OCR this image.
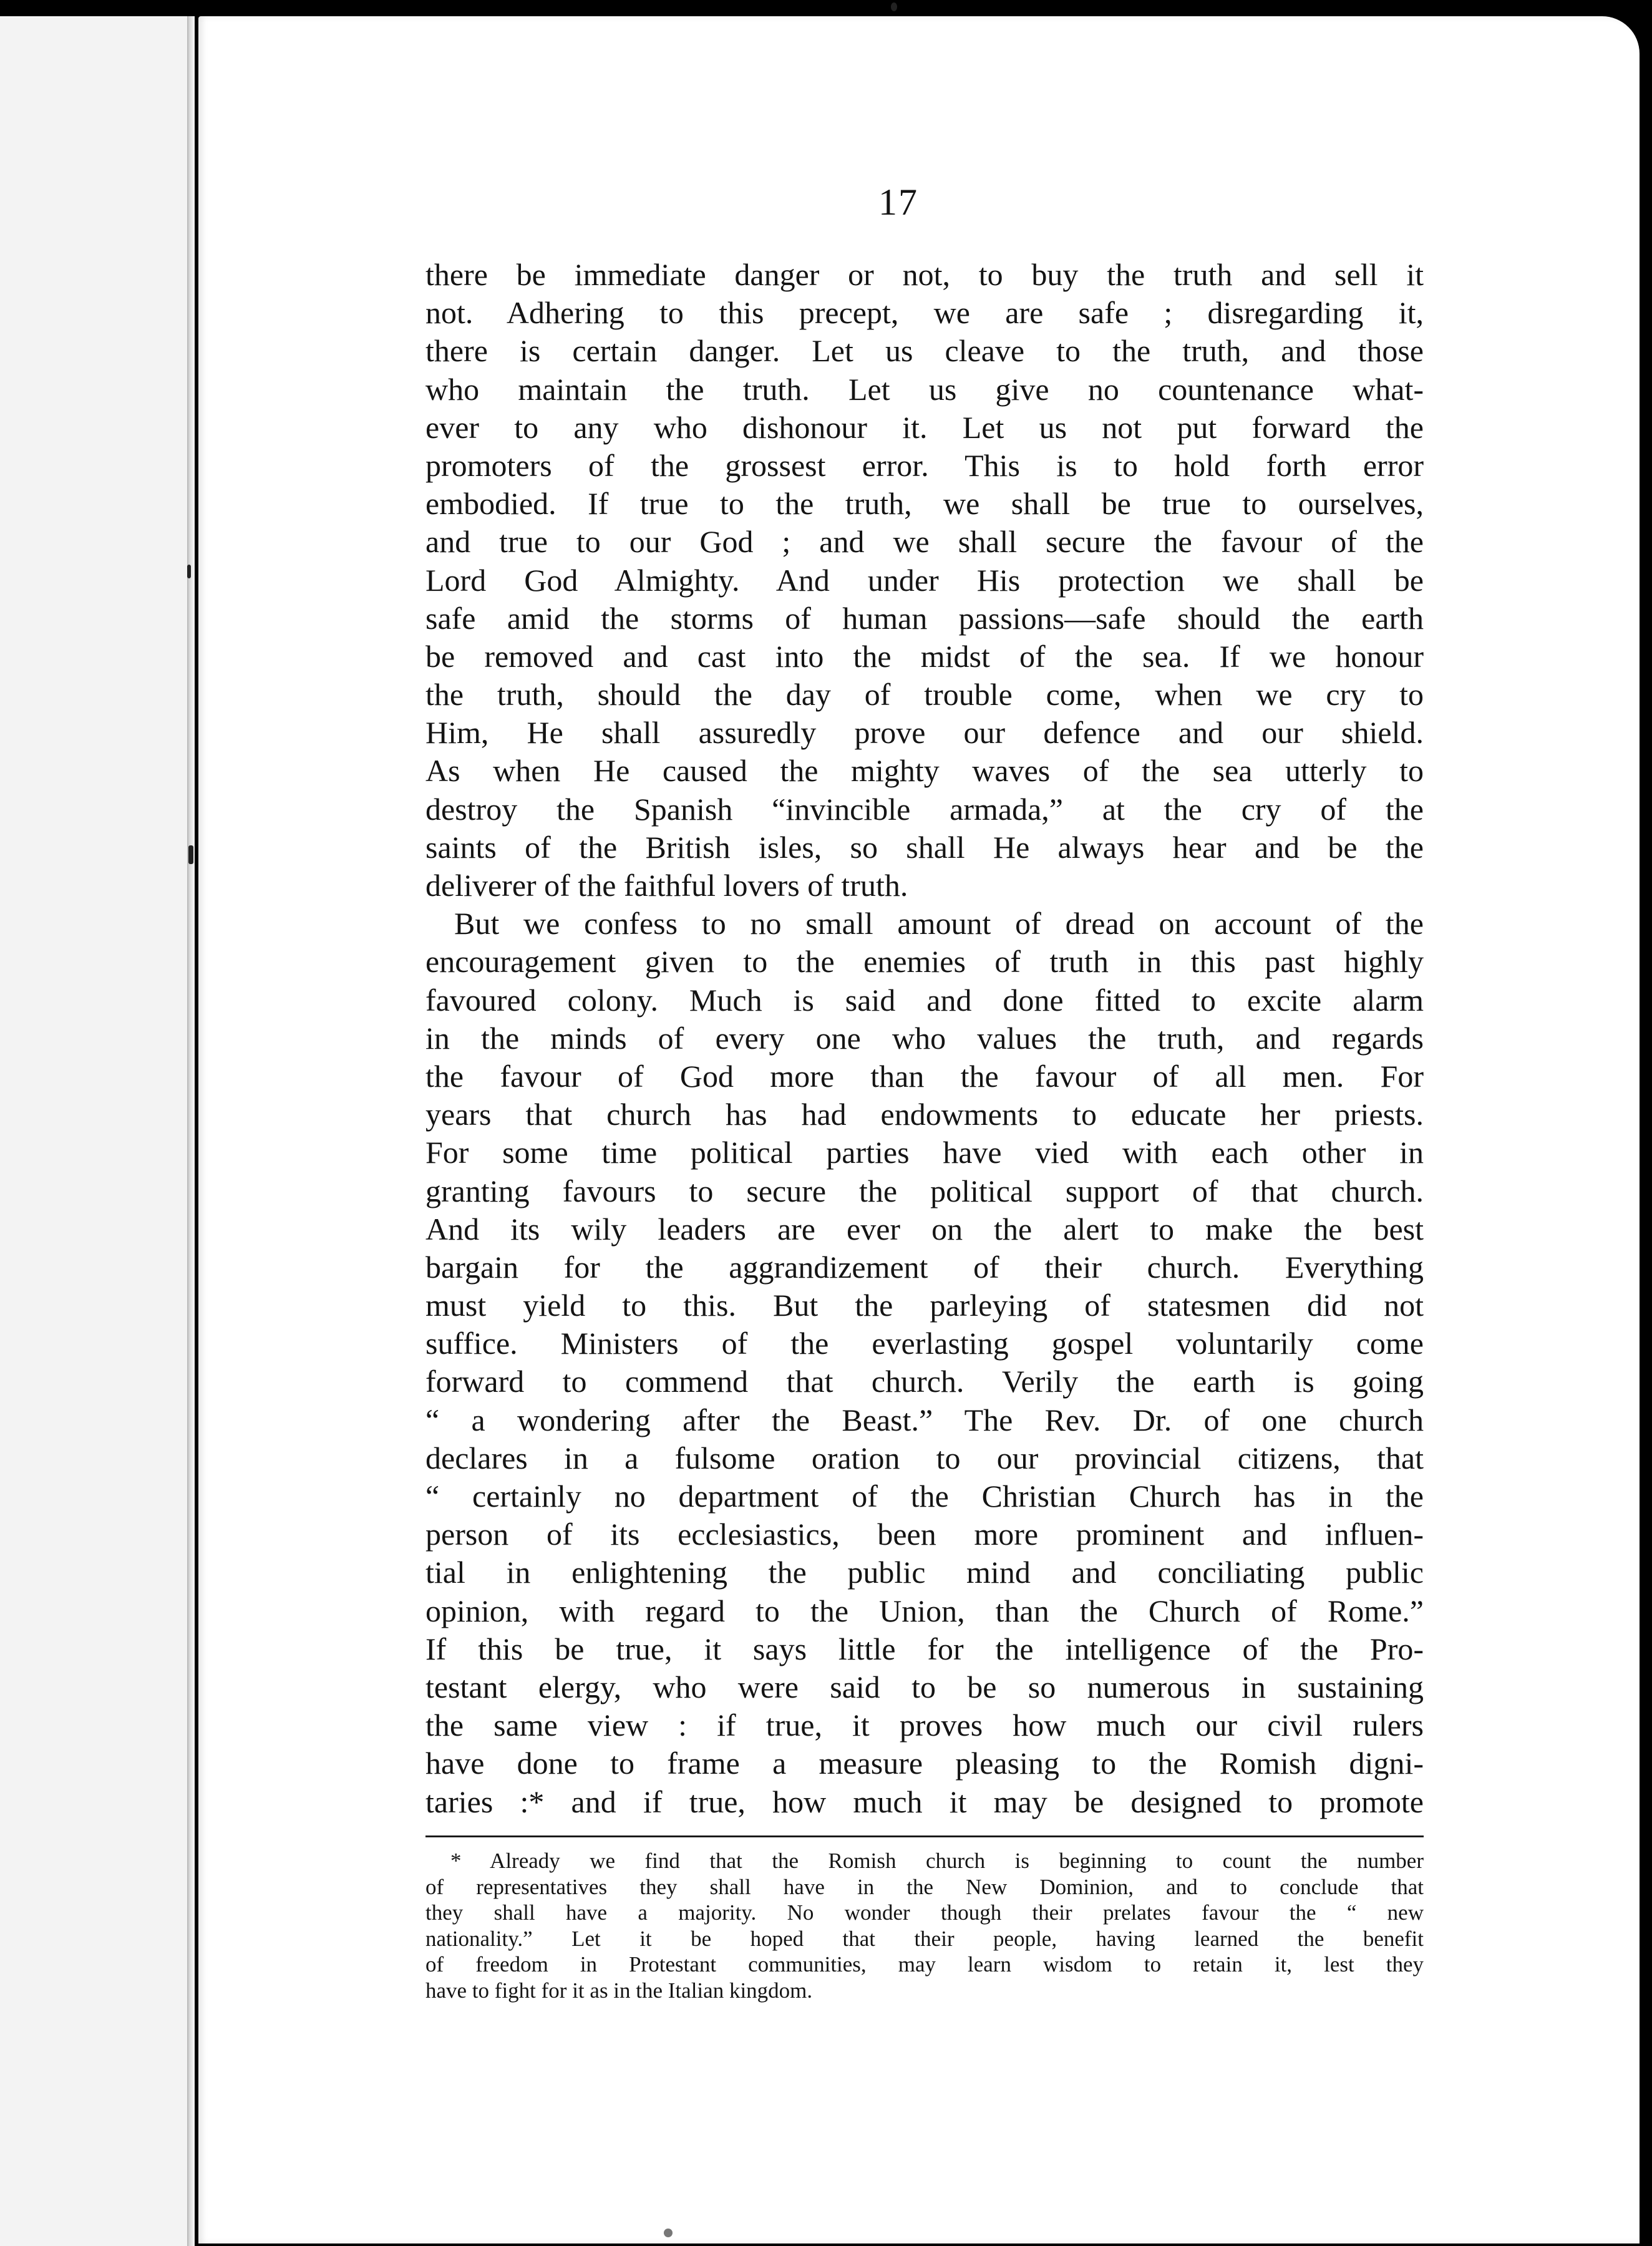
17
there be immediate danger or not, to buy the truth and sell it
not. Adhering to this precept, we are safe ; disregarding it,
there is certain danger. Let us cleave to the truth, and those
who maintain the truth. Let us give no countenance what-
ever to any who dishonour it. Let us not put forward the
promoters of the grossest error. This is to hold forth error
embodied. If true to the truth, we shall be true to ourselves,
and true to our God ; and we shall secure the favour of the
Lord God Almighty. And under His protection we shall be
safe amid the storms of human passions—safe should the earth
be removed and cast into the midst of the sea. If we honour
the truth, should the day of trouble come, when we cry to
Him, He shall assuredly prove our defence and our shield.
As when He caused the mighty waves of the sea utterly to
destroy the Spanish “invincible armada,” at the cry of the
saints of the British isles, so shall He always hear and be the
deliverer of the faithful lovers of truth.
But we confess to no small amount of dread on account of the
encouragement given to the enemies of truth in this past highly
favoured colony. Much is said and done fitted to excite alarm
in the minds of every one who values the truth, and regards
the favour of God more than the favour of all men. For
years that church has had endowments to educate her priests.
For some time political parties have vied with each other in
granting favours to secure the political support of that church.
And its wily leaders are ever on the alert to make the best
bargain for the aggrandizement of their church. Everything
must yield to this. But the parleying of statesmen did not
suffice. Ministers of the everlasting gospel voluntarily come
forward to commend that church. Verily the earth is going
“ a wondering after the Beast.” The Rev. Dr. of one church
declares in a fulsome oration to our provincial citizens, that
“ certainly no department of the Christian Church has in the
person of its ecclesiastics, been more prominent and influen-
tial in enlightening the public mind and conciliating public
opinion, with regard to the Union, than the Church of Rome.”
If this be true, it says little for the intelligence of the Pro-
testant elergy, who were said to be so numerous in sustaining
the same view : if true, it proves how much our civil rulers
have done to frame a measure pleasing to the Romish digni-
taries :* and if true, how much it may be designed to promote
* Already we find that the Romish church is beginning to count the number
of representatives they shall have in the New Dominion, and to conclude that
they shall have a majority. No wonder though their prelates favour the “ new
nationality.” Let it be hoped that their people, having learned the benefit
of freedom in Protestant communities, may learn wisdom to retain it, lest they
have to fight for it as in the Italian kingdom.
